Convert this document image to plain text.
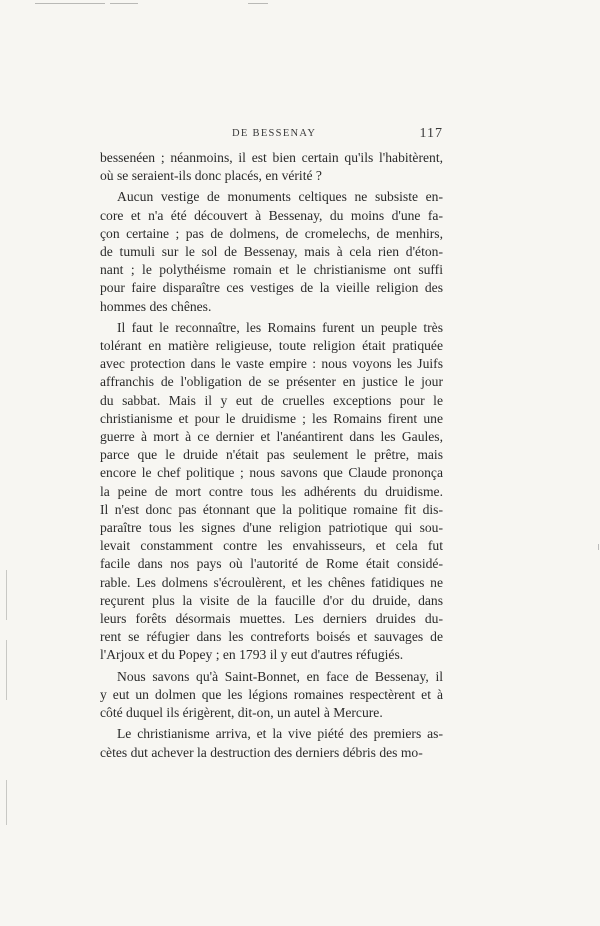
DE BESSENAY	117

bessenéen ; néanmoins, il est bien certain qu'ils l'habitèrent,
où se seraient-ils donc placés, en vérité ?

Aucun vestige de monuments celtiques ne subsiste en-
core et n'a été découvert à Bessenay, du moins d'une fa-
çon certaine ; pas de dolmens, de cromelechs, de menhirs,
de tumuli sur le sol de Bessenay, mais à cela rien d'éton-
nant ; le polythéisme romain et le christianisme ont suffi
pour faire disparaître ces vestiges de la vieille religion des
hommes des chênes.

Il faut le reconnaître, les Romains furent un peuple très
tolérant en matière religieuse, toute religion était pratiquée
avec protection dans le vaste empire : nous voyons les Juifs
affranchis de l'obligation de se présenter en justice le jour
du sabbat. Mais il y eut de cruelles exceptions pour le
christianisme et pour le druidisme ; les Romains firent une
guerre à mort à ce dernier et l'anéantirent dans les Gaules,
parce que le druide n'était pas seulement le prêtre, mais
encore le chef politique ; nous savons que Claude prononça
la peine de mort contre tous les adhérents du druidisme.
Il n'est donc pas étonnant que la politique romaine fit dis-
paraître tous les signes d'une religion patriotique qui sou-
levait constamment contre les envahisseurs, et cela fut
facile dans nos pays où l'autorité de Rome était considé-
rable. Les dolmens s'écroulèrent, et les chênes fatidiques ne
reçurent plus la visite de la faucille d'or du druide, dans
leurs forêts désormais muettes. Les derniers druides du-
rent se réfugier dans les contreforts boisés et sauvages de
l'Arjoux et du Popey ; en 1793 il y eut d'autres réfugiés.

Nous savons qu'à Saint-Bonnet, en face de Bessenay, il
y eut un dolmen que les légions romaines respectèrent et à
côté duquel ils érigèrent, dit-on, un autel à Mercure.

Le christianisme arriva, et la vive piété des premiers as-
cètes dut achever la destruction des derniers débris des mo-
